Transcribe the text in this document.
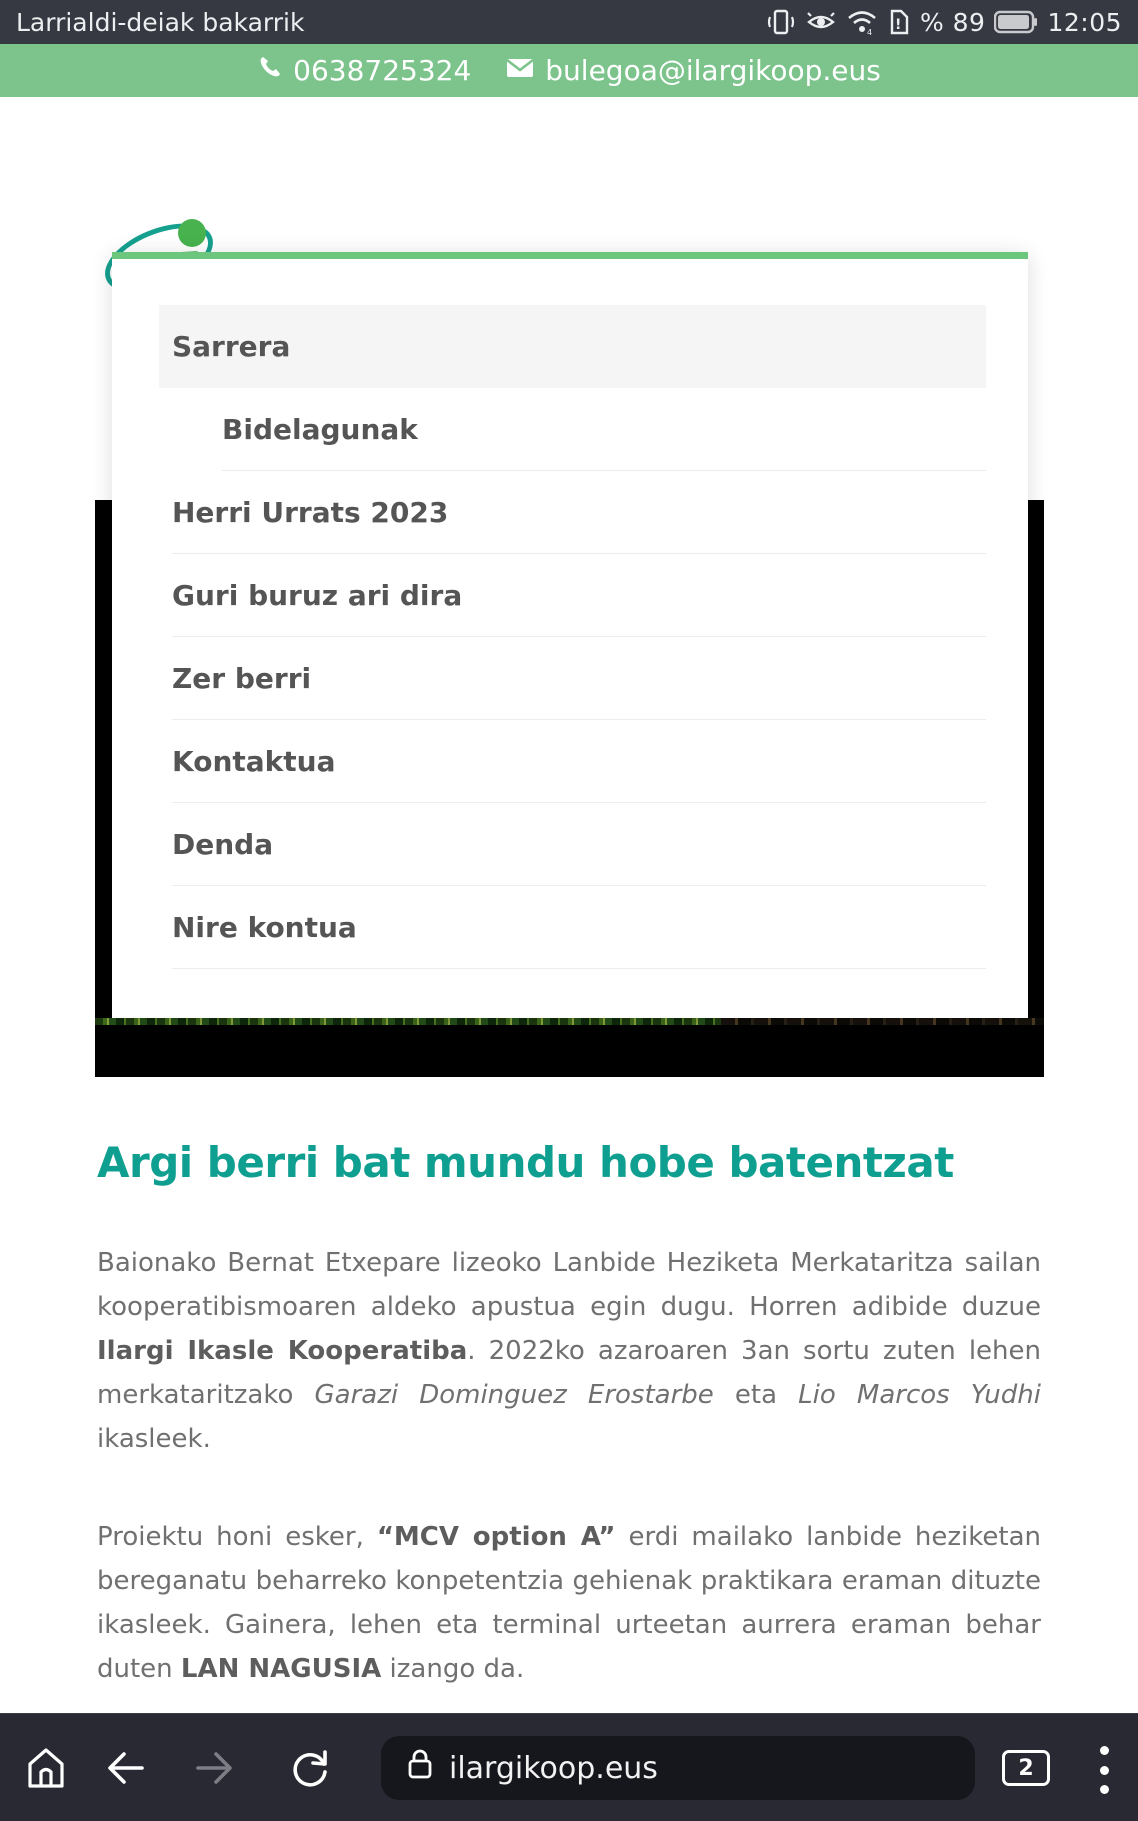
Larrialdi-deiak bakarrik	4 ! % 89 12:05
0638725324	bulegoa@ilargikoop.eus
Sarrera
Bidelagunak
Herri Urrats 2023
Guri buruz ari dira
Zer berri
Kontaktua
Denda
Nire kontua
Argi berri bat mundu hobe batentzat

Baionako Bernat Etxepare lizeoko Lanbide Heziketa Merkataritza sailan kooperatibismoaren aldeko apustua egin dugu. Horren adibide duzue Ilargi Ikasle Kooperatiba. 2022ko azaroaren 3an sortu zuten lehen merkataritzako Garazi Dominguez Erostarbe eta Lio Marcos Yudhi ikasleek.

Proiektu honi esker, “MCV option A” erdi mailako lanbide heziketan bereganatu beharreko konpetentzia gehienak praktikara eraman dituzte ikasleek. Gainera, lehen eta terminal urteetan aurrera eraman behar duten LAN NAGUSIA izango da.

ilargikoop.eus	2
